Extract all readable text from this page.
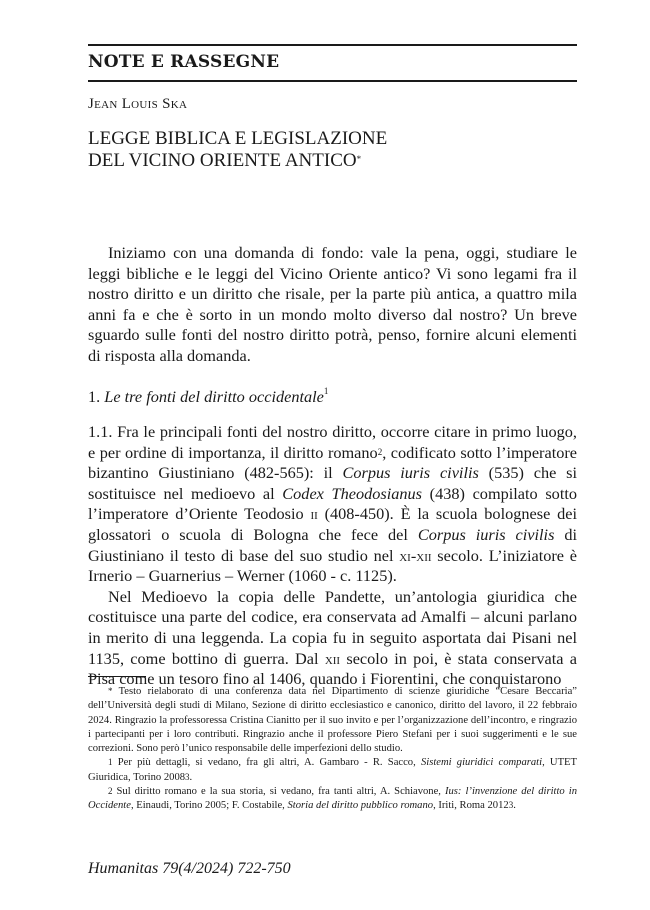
NOTE E RASSEGNE
Jean Louis Ska
LEGGE BIBLICA E LEGISLAZIONE
DEL VICINO ORIENTE ANTICO*

Iniziamo con una domanda di fondo: vale la pena, oggi, studiare le leggi bibliche e le leggi del Vicino Oriente antico? Vi sono legami fra il nostro diritto e un diritto che risale, per la parte più antica, a quattro mila anni fa e che è sorto in un mondo molto diverso dal nostro? Un breve sguardo sulle fonti del nostro diritto potrà, penso, fornire alcuni elementi di risposta alla domanda.

1. Le tre fonti del diritto occidentale$^1$

1.1. Fra le principali fonti del nostro diritto, occorre citare in primo luogo, e per ordine di importanza, il diritto romano$^2$, codificato sotto l’imperatore bizantino Giustiniano (482-565): il Corpus iuris civilis (535) che si sostituisce nel medioevo al Codex Theodosianus (438) compilato sotto l’imperatore d’Oriente Teodosio ii (408-450). È la scuola bolognese dei glossatori o scuola di Bologna che fece del Corpus iuris civilis di Giustiniano il testo di base del suo studio nel xi-xii secolo. L’iniziatore è Irnerio – Guarnerius – Werner (1060 - c. 1125).

Nel Medioevo la copia delle Pandette, un’antologia giuridica che costituisce una parte del codice, era conservata ad Amalfi – alcuni parlano in merito di una leggenda. La copia fu in seguito asportata dai Pisani nel 1135, come bottino di guerra. Dal xii secolo in poi, è stata conservata a Pisa come un tesoro fino al 1406, quando i Fiorentini, che conquistarono

* Testo rielaborato di una conferenza data nel Dipartimento di scienze giuridiche “Cesare Beccaria” dell’Università degli studi di Milano, Sezione di diritto ecclesiastico e canonico, diritto del lavoro, il 22 febbraio 2024. Ringrazio la professoressa Cristina Cianitto per il suo invito e per l’organizzazione dell’incontro, e ringrazio i partecipanti per i loro contributi. Ringrazio anche il professore Piero Stefani per i suoi suggerimenti e le sue correzioni. Sono però l’unico responsabile delle imperfezioni dello studio.

$^1$ Per più dettagli, si vedano, fra gli altri, A. Gambaro - R. Sacco, Sistemi giuridici comparati, UTET Giuridica, Torino 2008$^3$.

$^2$ Sul diritto romano e la sua storia, si vedano, fra tanti altri, A. Schiavone, Ius: l’invenzione del diritto in Occidente, Einaudi, Torino 2005; F. Costabile, Storia del diritto pubblico romano, Iriti, Roma 2012$^3$.

Humanitas 79(4/2024) 722-750
